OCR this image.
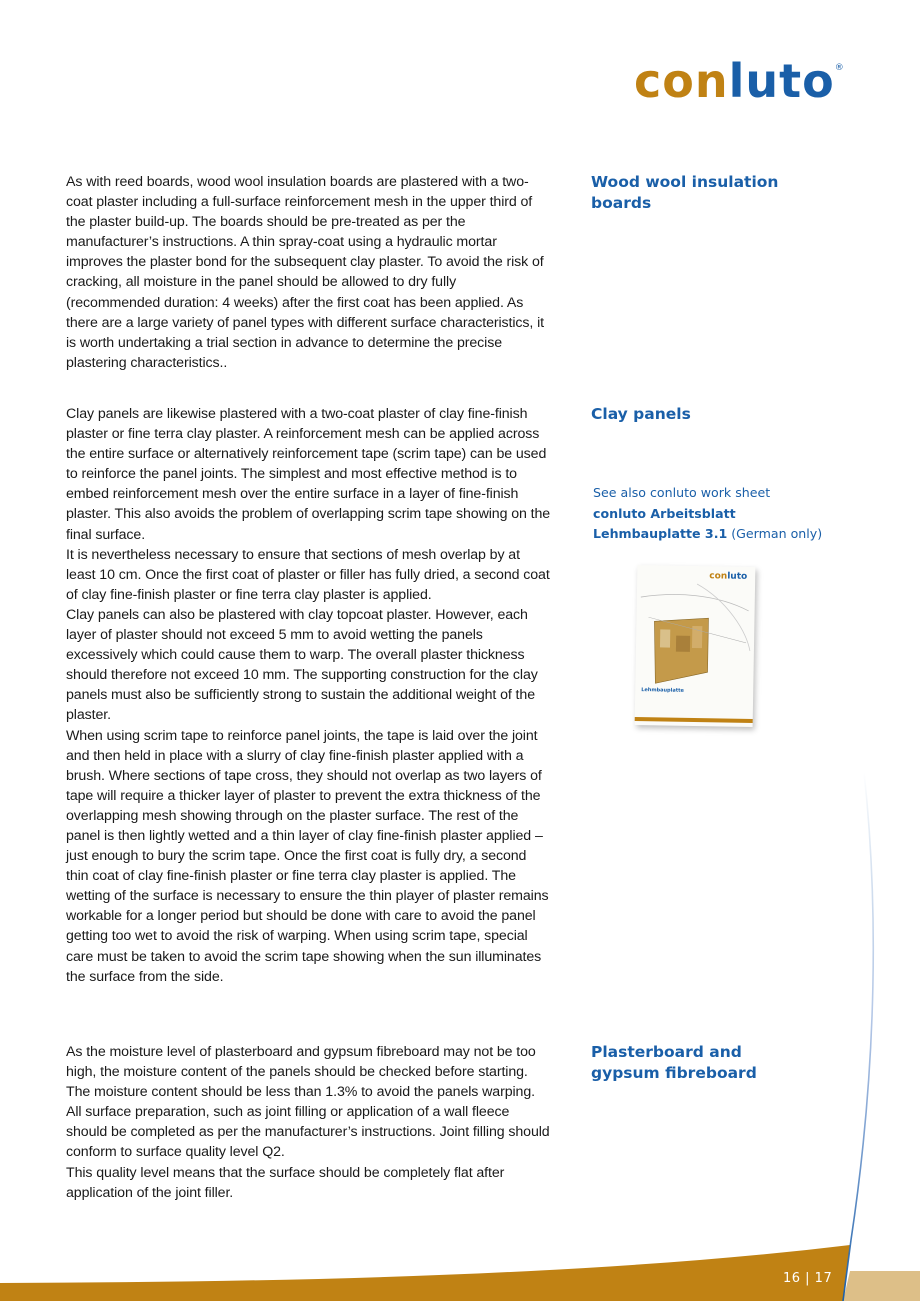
conluto®

As with reed boards, wood wool insulation boards are plastered with a two-coat plaster including a full-surface reinforcement mesh in the upper third of the plaster build-up. The boards should be pre-treated as per the manufacturer’s instructions. A thin spray-coat using a hydraulic mortar improves the plaster bond for the subsequent clay plaster. To avoid the risk of cracking, all moisture in the panel should be allowed to dry fully (recommended duration: 4 weeks) after the first coat has been applied. As there are a large variety of panel types with different surface characteristics, it is worth undertaking a trial section in advance to determine the precise plastering characteristics..

Wood wool insulation boards

Clay panels are likewise plastered with a two-coat plaster of clay fine-finish plaster or fine terra clay plaster. A reinforcement mesh can be applied across the entire surface or alternatively reinforcement tape (scrim tape) can be used to reinforce the panel joints. The simplest and most effective method is to embed reinforcement mesh over the entire surface in a layer of fine-finish plaster. This also avoids the problem of overlapping scrim tape showing on the final surface.

It is nevertheless necessary to ensure that sections of mesh overlap by at least 10 cm. Once the first coat of plaster or filler has fully dried, a second coat of clay fine-finish plaster or fine terra clay plaster is applied.

Clay panels can also be plastered with clay topcoat plaster. However, each layer of plaster should not exceed 5 mm to avoid wetting the panels excessively which could cause them to warp. The overall plaster thickness should therefore not exceed 10 mm. The supporting construction for the clay panels must also be sufficiently strong to sustain the additional weight of the plaster.

When using scrim tape to reinforce panel joints, the tape is laid over the joint and then held in place with a slurry of clay fine-finish plaster applied with a brush. Where sections of tape cross, they should not overlap as two layers of tape will require a thicker layer of plaster to prevent the extra thickness of the overlapping mesh showing through on the plaster surface. The rest of the panel is then lightly wetted and a thin layer of clay fine-finish plaster applied – just enough to bury the scrim tape. Once the first coat is fully dry, a second thin coat of clay fine-finish plaster or fine terra clay plaster is applied. The wetting of the surface is necessary to ensure the thin player of plaster remains workable for a longer period but should be done with care to avoid the panel getting too wet to avoid the risk of warping. When using scrim tape, special care must be taken to avoid the scrim tape showing when the sun illuminates the surface from the side.

Clay panels
See also conluto work sheet
conluto Arbeitsblatt
Lehmbauplatte 3.1 (German only)
conluto
Lehmbauplatte

As the moisture level of plasterboard and gypsum fibreboard may not be too high, the moisture content of the panels should be checked before starting. The moisture content should be less than 1.3% to avoid the panels warping. All surface preparation, such as joint filling or application of a wall fleece should be completed as per the manufacturer’s instructions. Joint filling should conform to surface quality level Q2.

This quality level means that the surface should be completely flat after application of the joint filler.

Plasterboard and gypsum fibreboard
16 | 17
